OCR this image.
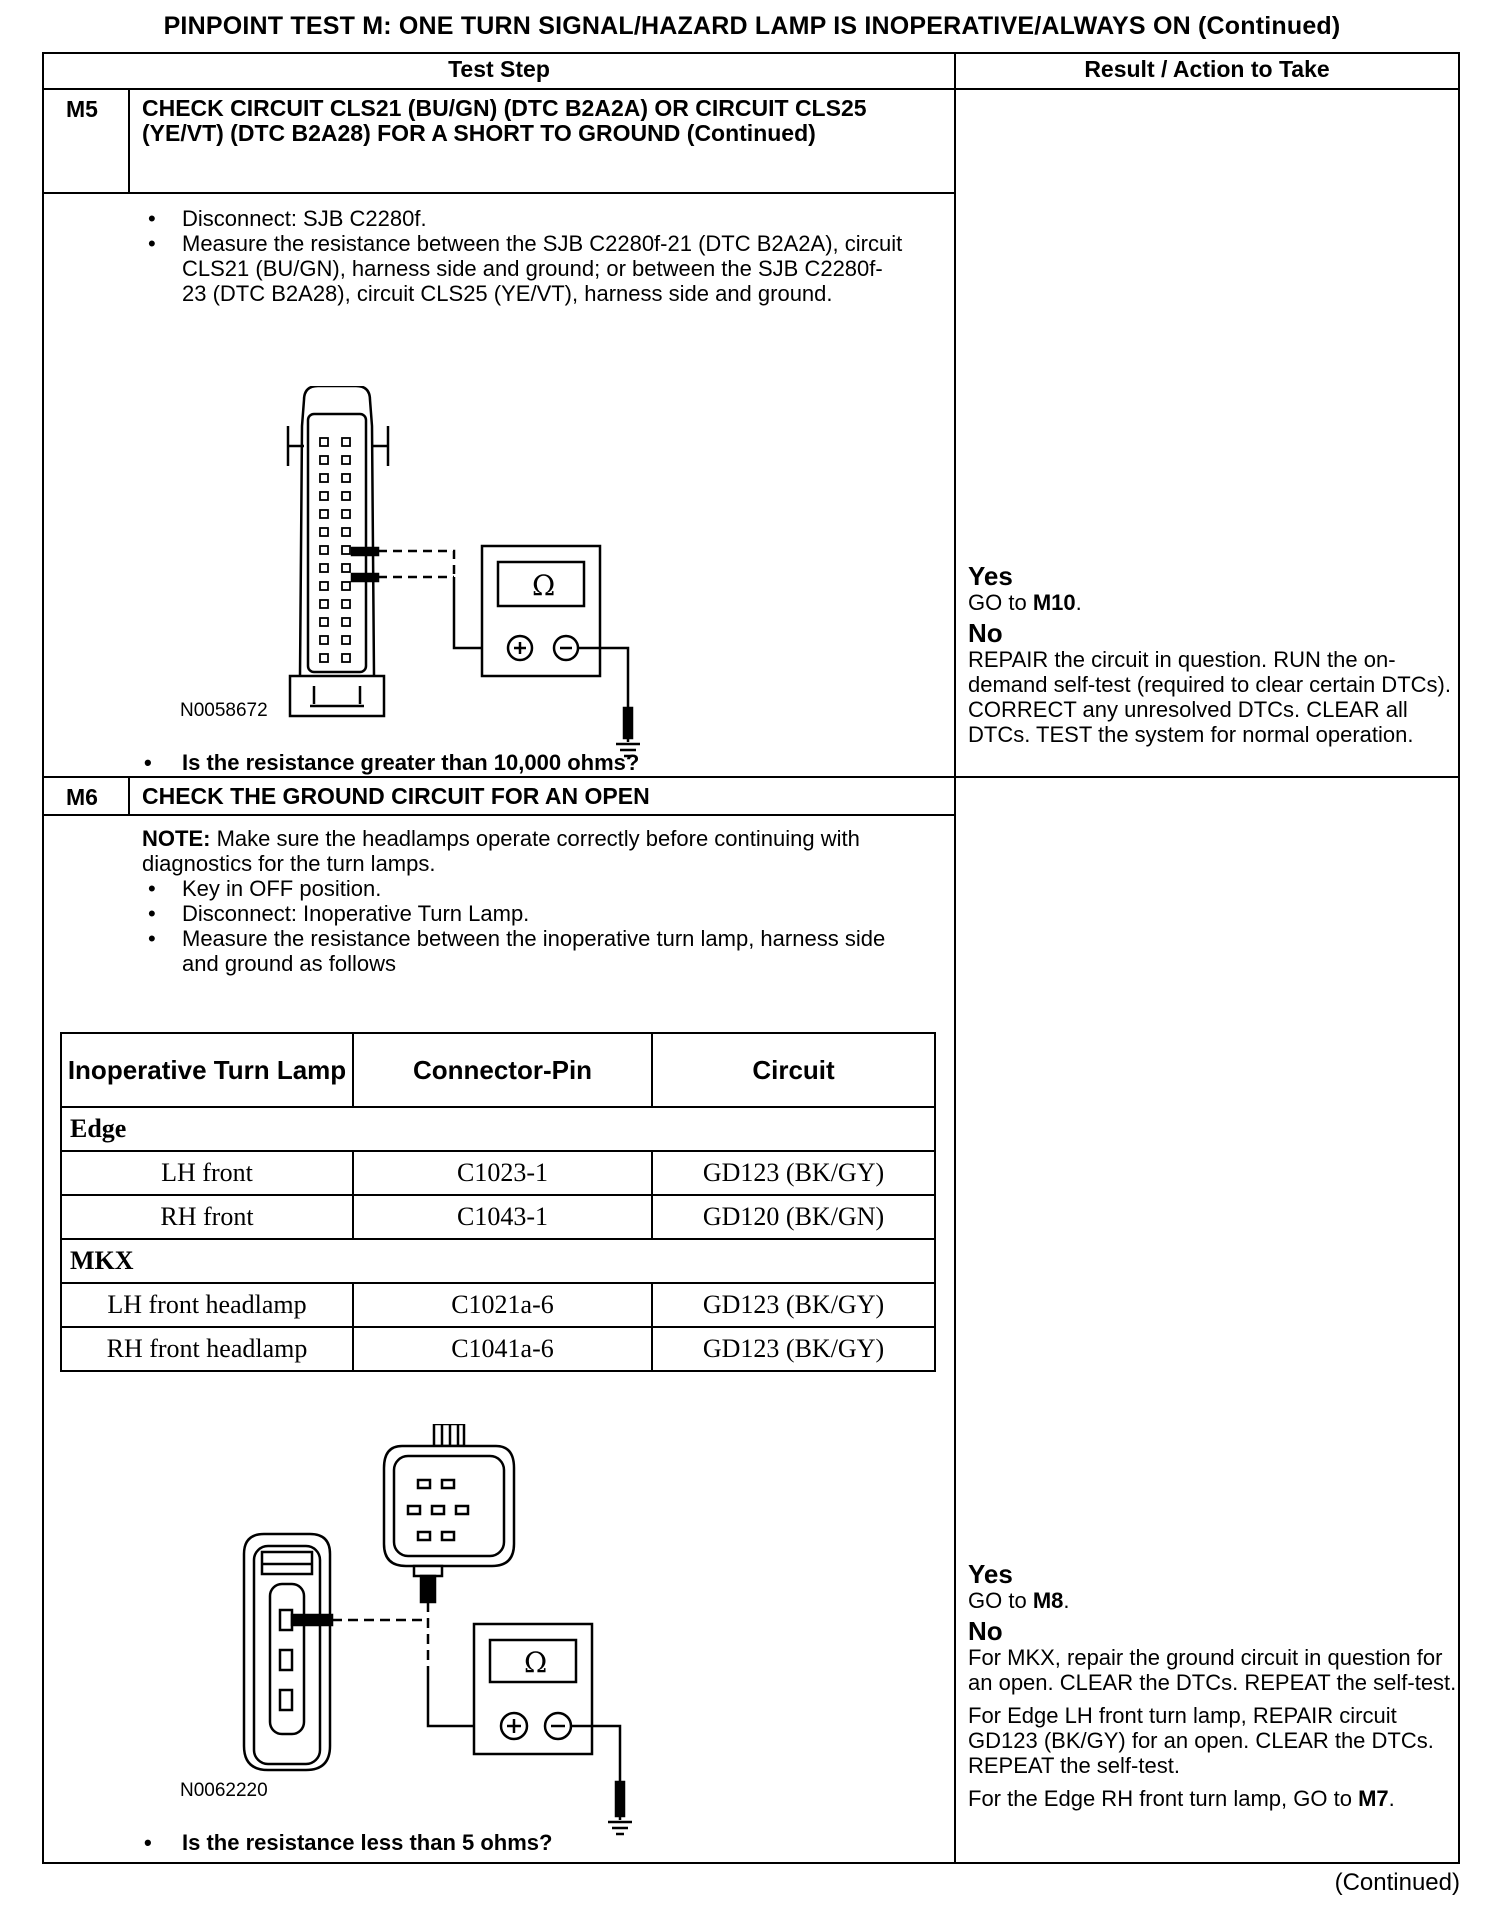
PINPOINT TEST M: ONE TURN SIGNAL/HAZARD LAMP IS INOPERATIVE/ALWAYS ON (Continued)
Test Step	Result / Action to Take
M5 CHECK CIRCUIT CLS21 (BU/GN) (DTC B2A2A) OR CIRCUIT CLS25 (YE/VT) (DTC B2A28) FOR A SHORT TO GROUND (Continued)
• Disconnect: SJB C2280f.
• Measure the resistance between the SJB C2280f-21 (DTC B2A2A), circuit CLS21 (BU/GN), harness side and ground; or between the SJB C2280f-23 (DTC B2A28), circuit CLS25 (YE/VT), harness side and ground.
Ω
N0058672
• Is the resistance greater than 10,000 ohms?

Yes

GO to M10.

No

REPAIR the circuit in question. RUN the on-demand self-test (required to clear certain DTCs). CORRECT any unresolved DTCs. CLEAR all DTCs. TEST the system for normal operation.

M6 CHECK THE GROUND CIRCUIT FOR AN OPEN
NOTE: Make sure the headlamps operate correctly before continuing with diagnostics for the turn lamps.
• Key in OFF position.
• Disconnect: Inoperative Turn Lamp.
• Measure the resistance between the inoperative turn lamp, harness side and ground as follows
Inoperative Turn Lamp	Connector-Pin	Circuit
Edge		
LH front	C1023-1	GD123 (BK/GY)
RH front	C1043-1	GD120 (BK/GN)
MKX		
LH front headlamp	C1021a-6	GD123 (BK/GY)
RH front headlamp	C1041a-6	GD123 (BK/GY)
Ω
N0062220
• Is the resistance less than 5 ohms?

Yes

GO to M8.

No

For MKX, repair the ground circuit in question for an open. CLEAR the DTCs. REPEAT the self-test.

For Edge LH front turn lamp, REPAIR circuit GD123 (BK/GY) for an open. CLEAR the DTCs. REPEAT the self-test.

For the Edge RH front turn lamp, GO to M7.

(Continued)
